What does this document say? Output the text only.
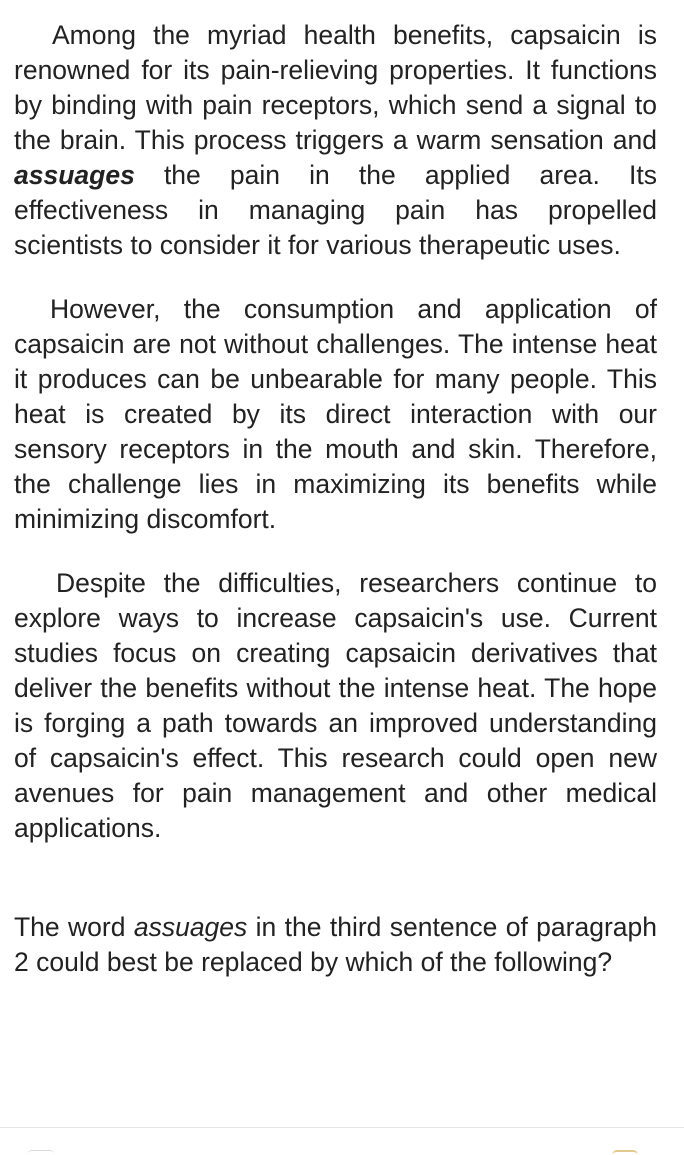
Among the myriad health benefits, capsaicin is renowned for its pain-relieving properties. It functions by binding with pain receptors, which send a signal to the brain. This process triggers a warm sensation and assuages the pain in the applied area. Its effectiveness in managing pain has propelled scientists to consider it for various therapeutic uses.

However, the consumption and application of capsaicin are not without challenges. The intense heat it produces can be unbearable for many people. This heat is created by its direct interaction with our sensory receptors in the mouth and skin. Therefore, the challenge lies in maximizing its benefits while minimizing discomfort.

Despite the difficulties, researchers continue to explore ways to increase capsaicin's use. Current studies focus on creating capsaicin derivatives that deliver the benefits without the intense heat. The hope is forging a path towards an improved understanding of capsaicin's effect. This research could open new avenues for pain management and other medical applications.

The word assuages in the third sentence of paragraph 2 could best be replaced by which of the following?
